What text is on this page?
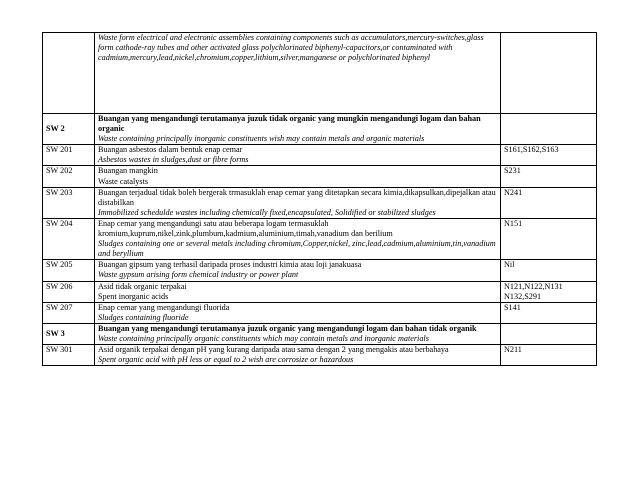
	Waste form electrical and electronic assemblies containing components such as accumulators,mercury-switches,glass form cathode-ray tubes and other activated glass polychlorinated biphenyl-capacitors,or contaminated with cadmium,mercury,lead,nickel,chromium,copper,lithium,silver,manganese or polychlorinated biphenyl	

SW 2	Buangan yang mengandungi terutamanya juzuk tidak organic yang mungkin mengandungi logam dan bahan organic
Waste containing principally inorganic constituents wish may contain metals and organic materials	

SW 201	Buangan asbestos dalam bentuk enap cemar
Asbestos wastes in sludges,dust or fibre forms	S161,S162,S163
SW 202	Buangan mangkin
Waste catalysts	S231
SW 203	Buangan terjadual tidak boleh bergerak trmasuklah enap cemar yang ditetapkan secara kimia,dikapsulkan,dipejalkan atau distabilkan
Immobilized schedulde wastes including chemically fixed,encapsulated, Solidified or stabilized sludges	N241
SW 204	Enap cemar yang mengandungi satu atau beberapa logam termasuklah kromium,kuprum,nikel,zink,plumbum,kadmium,aluminium,timah,vanadium dan berilium
Sludges containing one or several metals including chromium,Copper,nickel, zinc,lead,cadmium,aluminium,tin,vanadium and beryllium	N151
SW 205	Buangan gipsum yang terhasil daripada proses industri kimia atau loji janakuasa
Waste gypsum arising form chemical industry or power plant	Nil
SW 206	Asid tidak organic terpakai
Spent inorganic acids	N121,N122,N131 N132,S291
SW 207	Enap cemar yang mengandungi fluorida
Sludges containing fluoride	S141
SW 3	Buangan yang mengandungi terutamanya juzuk organic yang mengandungi logam dan bahan tidak organik
Waste containing principally organic constituents which may contain metals and inorganic materials	

SW 301	Asid organik terpakai dengan pH yang kurang daripada atau sama dengan 2 yang mengakis atau berbahaya
Spent organic acid with pH less or equal to 2 wish are corrosize or hazardous	N211
